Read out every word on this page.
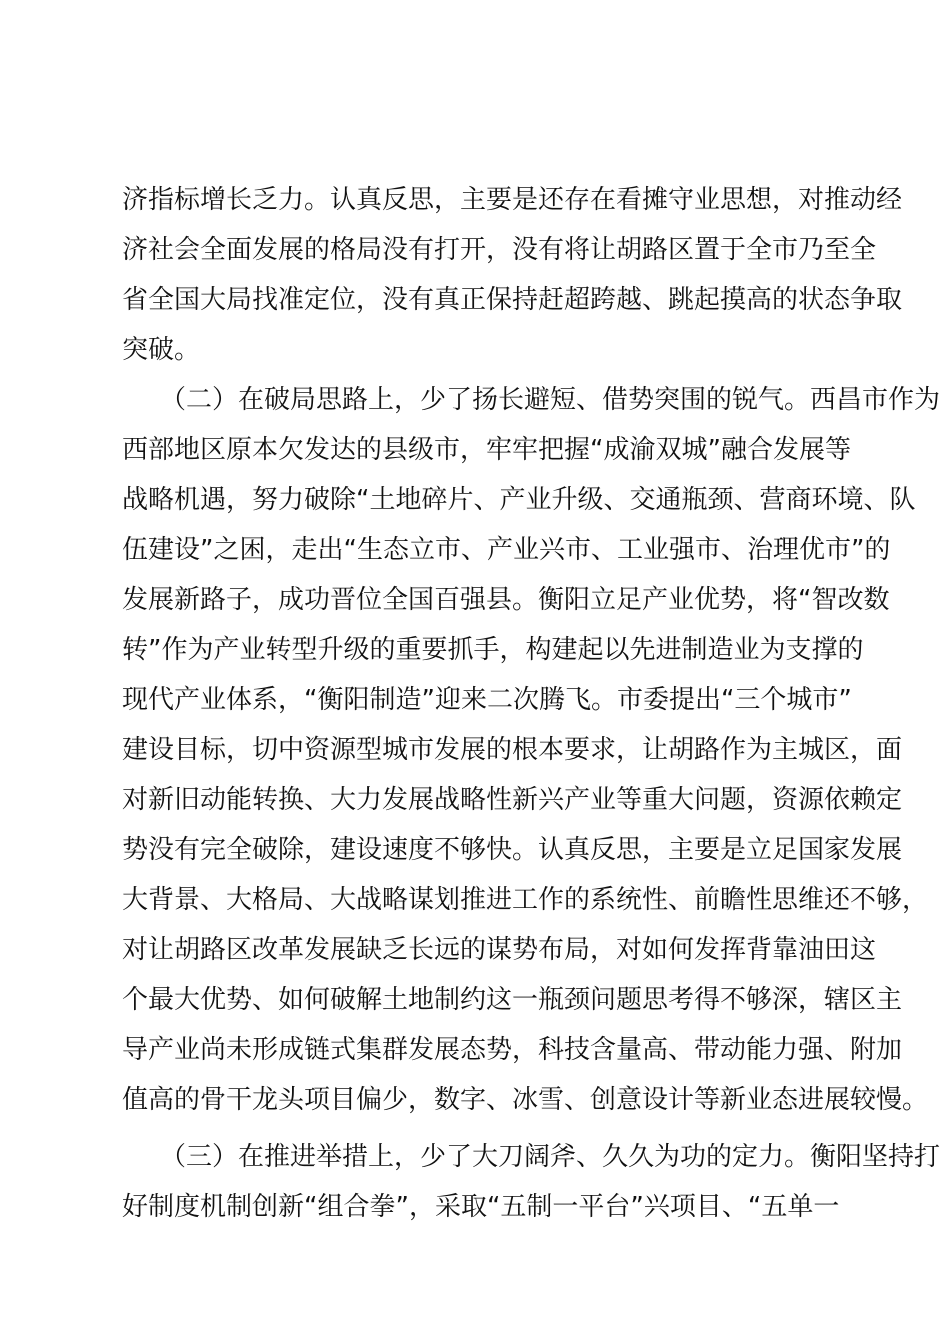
济指标增长乏力。认真反思，主要是还存在看摊守业思想，对推动经
济社会全面发展的格局没有打开，没有将让胡路区置于全市乃至全
省全国大局找准定位，没有真正保持赶超跨越、跳起摸高的状态争取
突破。
（二）在破局思路上，少了扬长避短、借势突围的锐气。西昌市作为
西部地区原本欠发达的县级市，牢牢把握“成渝双城”融合发展等
战略机遇，努力破除“土地碎片、产业升级、交通瓶颈、营商环境、队
伍建设”之困，走出“生态立市、产业兴市、工业强市、治理优市”的
发展新路子，成功晋位全国百强县。衡阳立足产业优势，将“智改数
转”作为产业转型升级的重要抓手，构建起以先进制造业为支撑的
现代产业体系，“衡阳制造”迎来二次腾飞。市委提出“三个城市”
建设目标，切中资源型城市发展的根本要求，让胡路作为主城区，面
对新旧动能转换、大力发展战略性新兴产业等重大问题，资源依赖定
势没有完全破除，建设速度不够快。认真反思，主要是立足国家发展
大背景、大格局、大战略谋划推进工作的系统性、前瞻性思维还不够，
对让胡路区改革发展缺乏长远的谋势布局，对如何发挥背靠油田这
个最大优势、如何破解土地制约这一瓶颈问题思考得不够深，辖区主
导产业尚未形成链式集群发展态势，科技含量高、带动能力强、附加
值高的骨干龙头项目偏少，数字、冰雪、创意设计等新业态进展较慢。
（三）在推进举措上，少了大刀阔斧、久久为功的定力。衡阳坚持打
好制度机制创新“组合拳”，采取“五制一平台”兴项目、“五单一
